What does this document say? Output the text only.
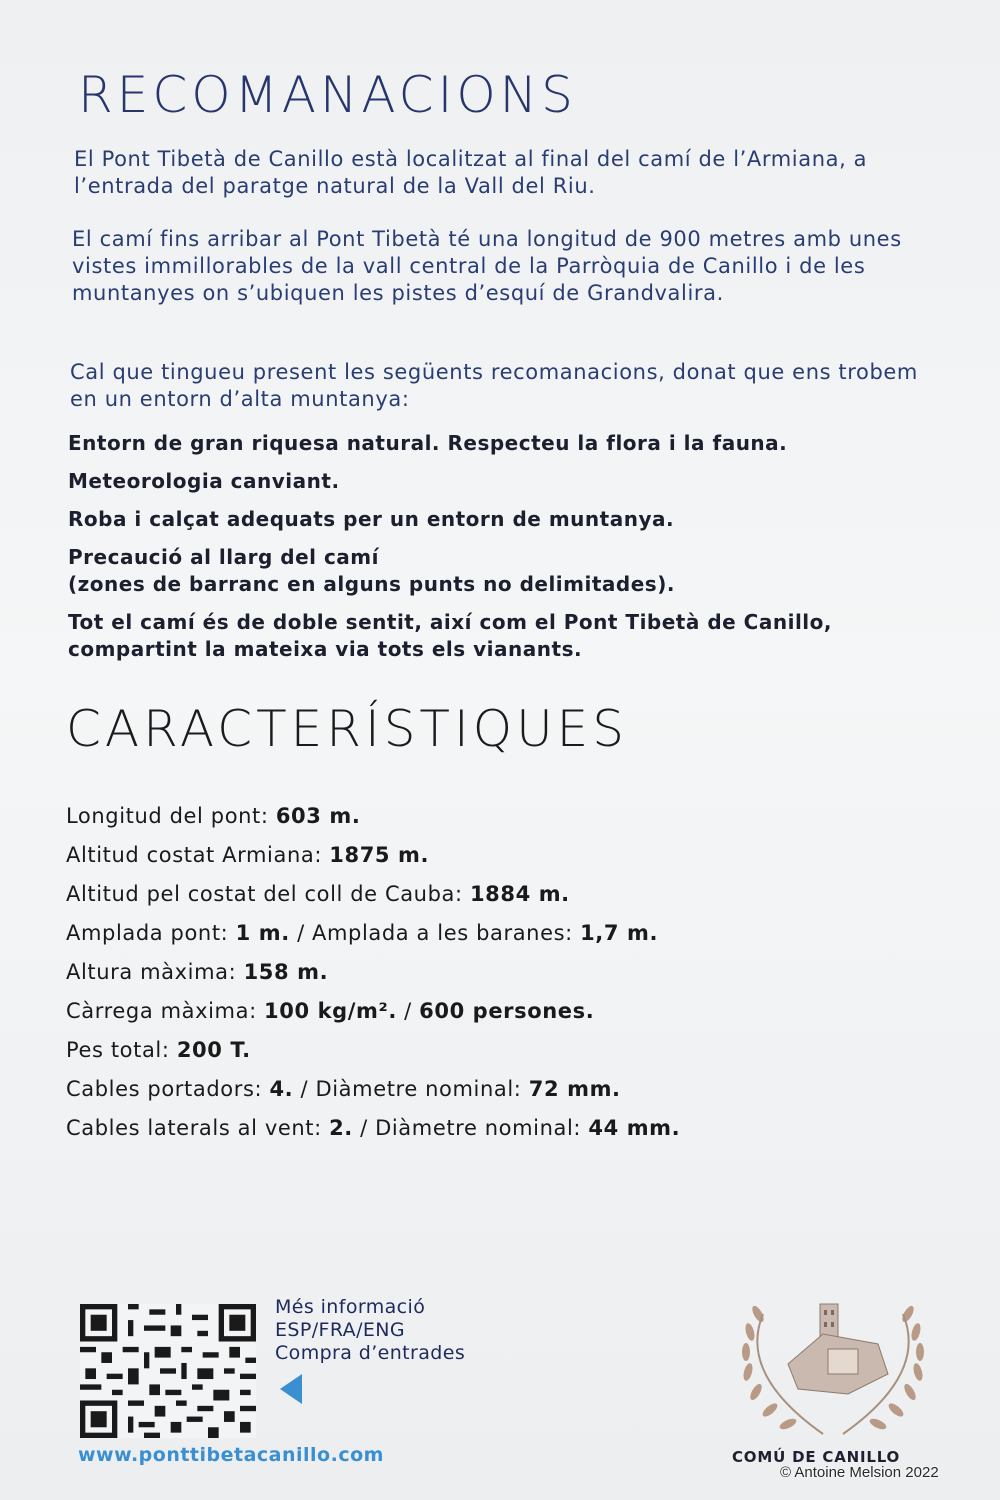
RECOMANACIONS

El Pont Tibetà de Canillo està localitzat al final del camí de l’Armiana, a l’entrada del paratge natural de la Vall del Riu.

El camí fins arribar al Pont Tibetà té una longitud de 900 metres amb unes vistes immillorables de la vall central de la Parròquia de Canillo i de les muntanyes on s’ubiquen les pistes d’esquí de Grandvalira.

Cal que tingueu present les següents recomanacions, donat que ens trobem en un entorn d’alta muntanya:

Entorn de gran riquesa natural. Respecteu la flora i la fauna.

Meteorologia canviant.

Roba i calçat adequats per un entorn de muntanya.

Precaució al llarg del camí
(zones de barranc en alguns punts no delimitades).

Tot el camí és de doble sentit, així com el Pont Tibetà de Canillo, compartint la mateixa via tots els vianants.

CARACTERÍSTIQUES
Longitud del pont: 603 m.
Altitud costat Armiana: 1875 m.
Altitud pel costat del coll de Cauba: 1884 m.
Amplada pont: 1 m. / Amplada a les baranes: 1,7 m.
Altura màxima: 158 m.
Càrrega màxima: 100 kg/m². / 600 persones.
Pes total: 200 T.
Cables portadors: 4. / Diàmetre nominal: 72 mm.
Cables laterals al vent: 2. / Diàmetre nominal: 44 mm.
Més informació
ESP/FRA/ENG
Compra d’entrades
www.ponttibetacanillo.com	COMÚ DE CANILLO
© Antoine Melsion 2022
